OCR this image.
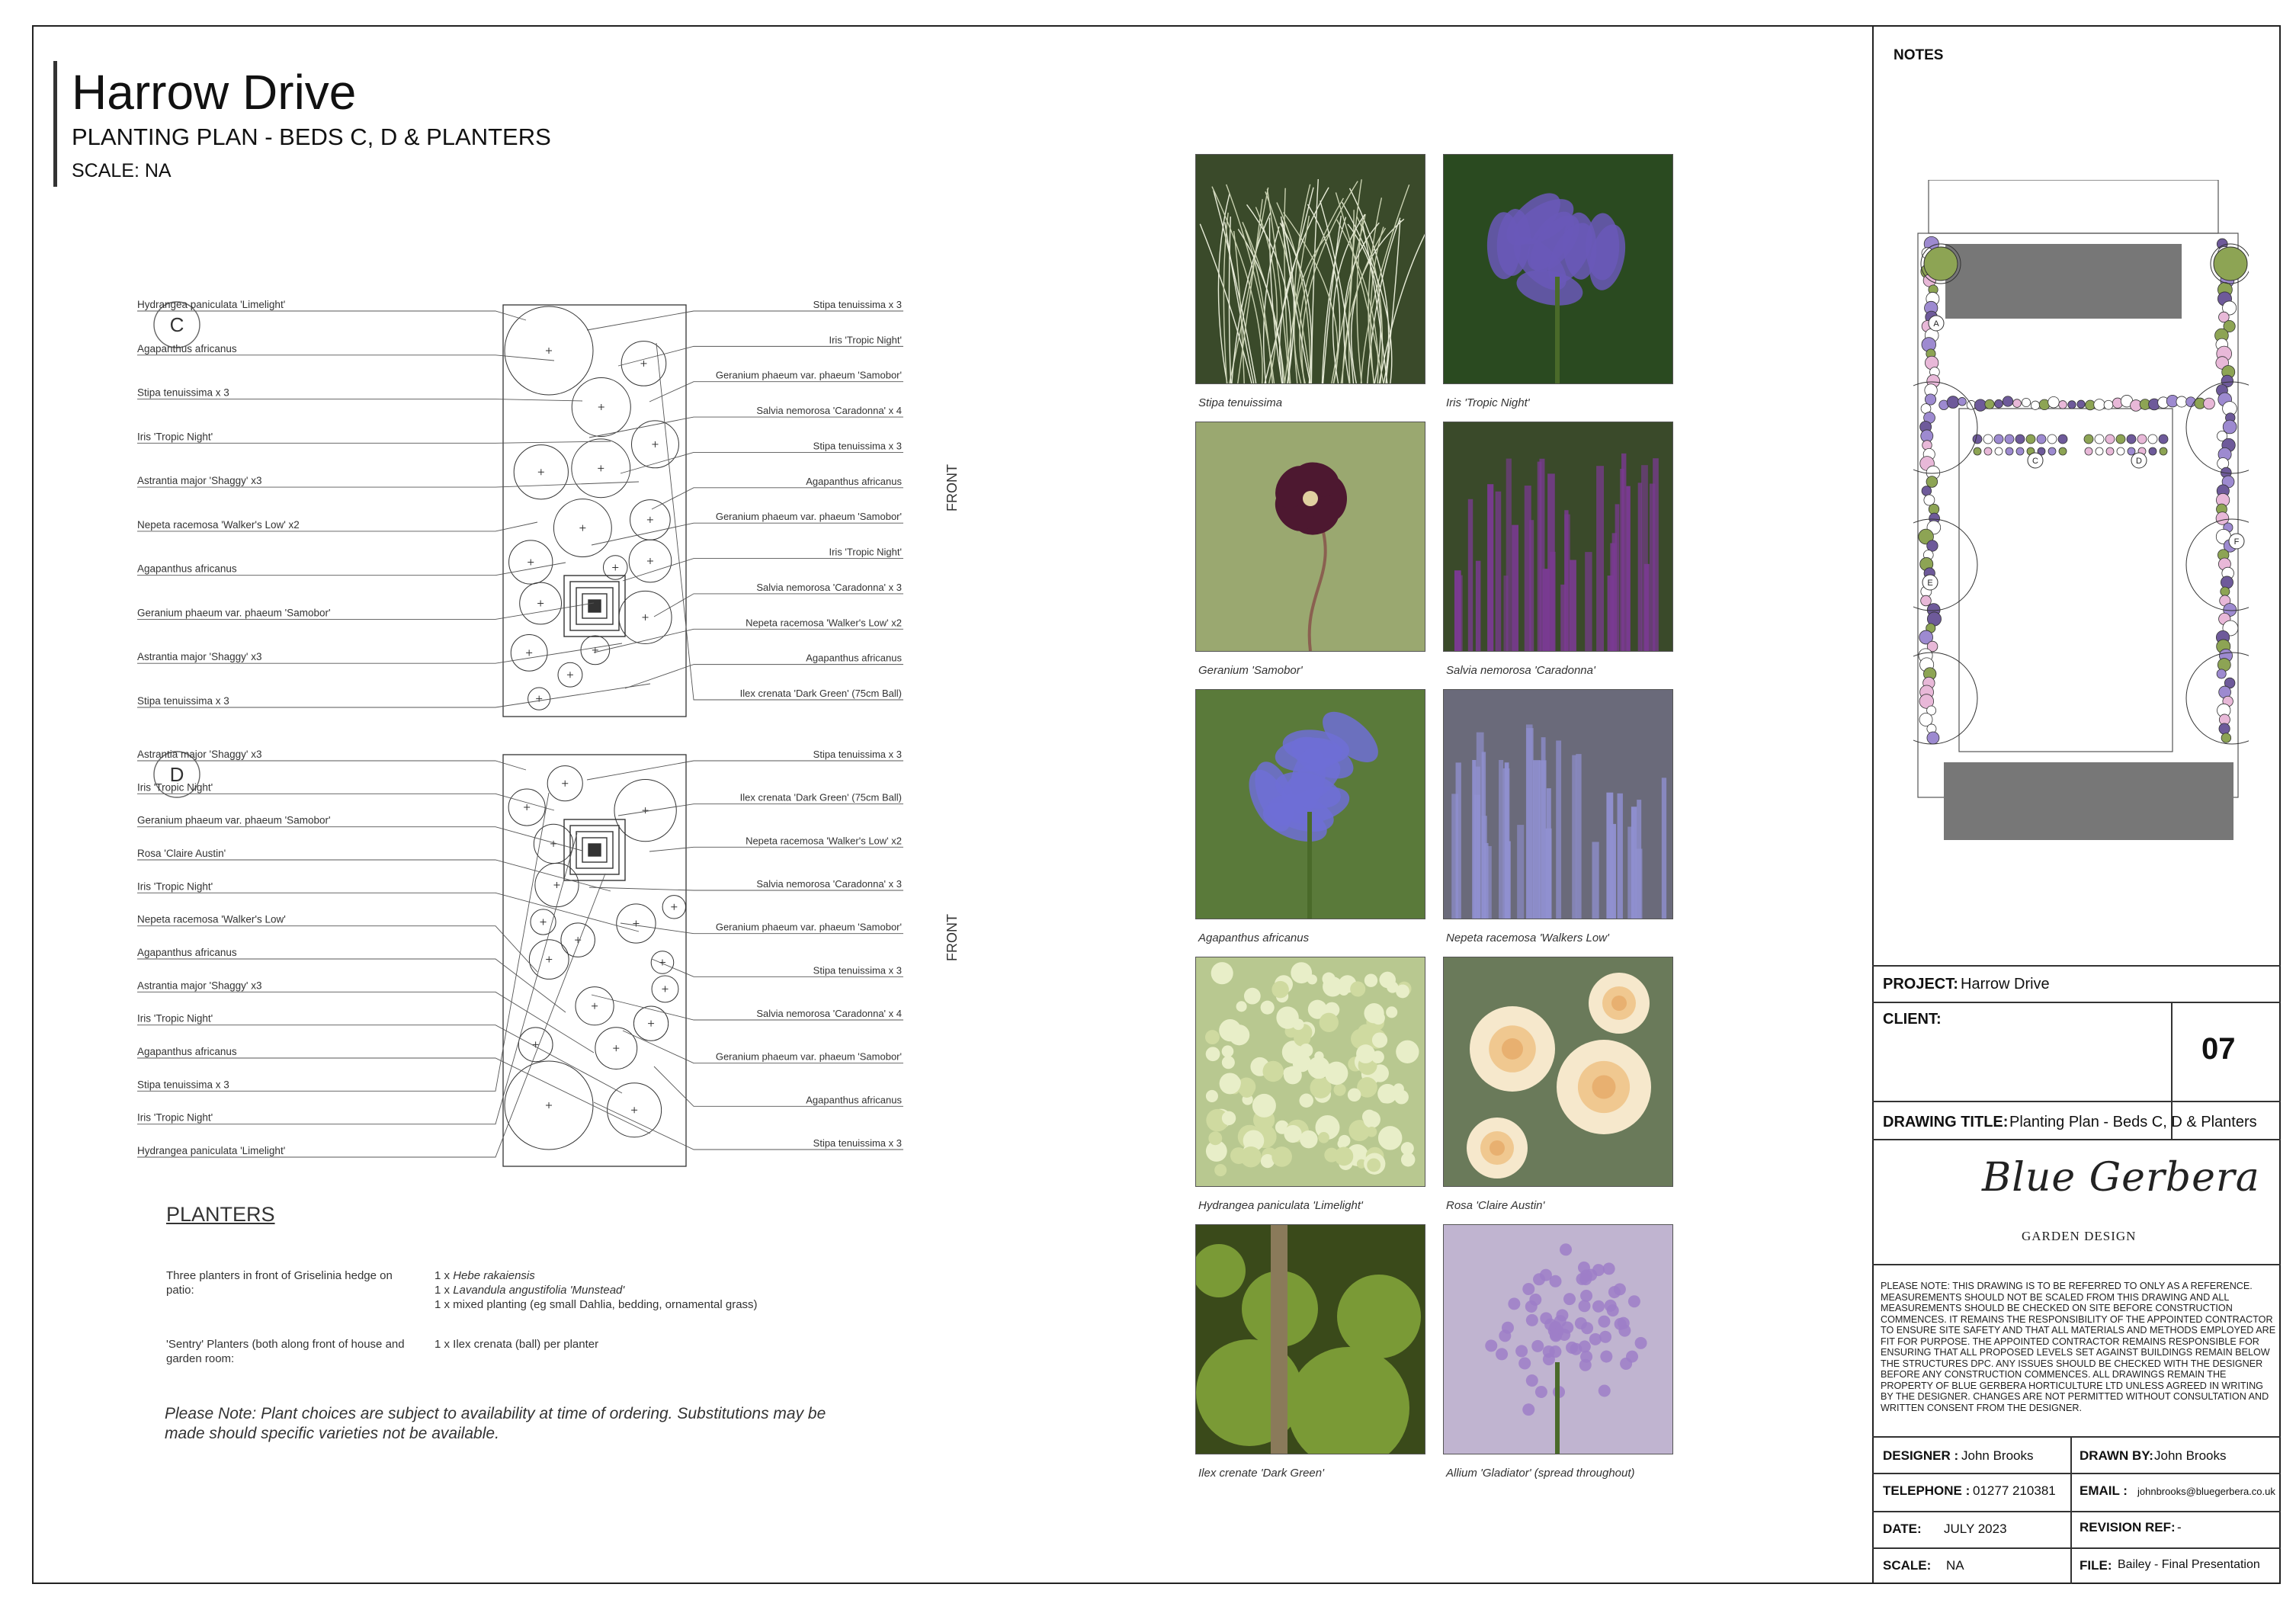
Harrow Drive
PLANTING PLAN - BEDS C, D & PLANTERS
SCALE: NA
C
Hydrangea paniculata 'Limelight'
Agapanthus africanus
Stipa tenuissima x 3
Iris 'Tropic Night'
Astrantia major 'Shaggy' x3
Nepeta racemosa 'Walker's Low' x2
Agapanthus africanus
Geranium phaeum var. phaeum 'Samobor'
Astrantia major 'Shaggy' x3
Stipa tenuissima x 3
Stipa tenuissima x 3
Iris 'Tropic Night'
Geranium phaeum var. phaeum 'Samobor'
Salvia nemorosa 'Caradonna' x 4
Stipa tenuissima x 3
Agapanthus africanus
Geranium phaeum var. phaeum 'Samobor'
Iris 'Tropic Night'
Salvia nemorosa 'Caradonna' x 3
Nepeta racemosa 'Walker's Low' x2
Agapanthus africanus
Ilex crenata 'Dark Green' (75cm Ball)
FRONT
D
Astrantia major 'Shaggy' x3
Iris 'Tropic Night'
Geranium phaeum var. phaeum 'Samobor'
Rosa 'Claire Austin'
Iris 'Tropic Night'
Nepeta racemosa 'Walker's Low'
Agapanthus africanus
Astrantia major 'Shaggy' x3
Iris 'Tropic Night'
Agapanthus africanus
Stipa tenuissima x 3
Iris 'Tropic Night'
Hydrangea paniculata 'Limelight'
Stipa tenuissima x 3
Ilex crenata 'Dark Green' (75cm Ball)
Nepeta racemosa 'Walker's Low' x2
Salvia nemorosa 'Caradonna' x 3
Geranium phaeum var. phaeum 'Samobor'
Stipa tenuissima x 3
Salvia nemorosa 'Caradonna' x 4
Geranium phaeum var. phaeum 'Samobor'
Agapanthus africanus
Stipa tenuissima x 3
FRONT
PLANTERS
Three planters in front of Griselinia hedge on patio:
1 x Hebe rakaiensis
1 x Lavandula angustifolia 'Munstead'
1 x mixed planting (eg small Dahlia, bedding, ornamental grass)
'Sentry' Planters (both along front of house and garden room:
1 x Ilex crenata (ball) per planter
Please Note: Plant choices are subject to availability at time of ordering. Substitutions may be made should specific varieties not be available.
Stipa tenuissima	Iris 'Tropic Night'
Geranium 'Samobor'	Salvia nemorosa 'Caradonna'
Agapanthus africanus	Nepeta racemosa 'Walkers Low'
Hydrangea paniculata 'Limelight'	Rosa 'Claire Austin'
Ilex crenate 'Dark Green'	Allium 'Gladiator' (spread throughout)
NOTES
A
C	D
E
F
PROJECT: Harrow Drive
CLIENT:
07
DRAWING TITLE: Planting Plan - Beds C, D & Planters
Blue Gerbera
GARDEN DESIGN
PLEASE NOTE: THIS DRAWING IS TO BE REFERRED TO ONLY AS A REFERENCE. MEASUREMENTS SHOULD NOT BE SCALED FROM THIS DRAWING AND ALL MEASUREMENTS SHOULD BE CHECKED ON SITE BEFORE CONSTRUCTION COMMENCES. IT REMAINS THE RESPONSIBILITY OF THE APPOINTED CONTRACTOR TO ENSURE SITE SAFETY AND THAT ALL MATERIALS AND METHODS EMPLOYED ARE FIT FOR PURPOSE. THE APPOINTED CONTRACTOR REMAINS RESPONSIBLE FOR ENSURING THAT ALL PROPOSED LEVELS SET AGAINST BUILDINGS REMAIN BELOW THE STRUCTURES DPC. ANY ISSUES SHOULD BE CHECKED WITH THE DESIGNER BEFORE ANY CONSTRUCTION COMMENCES. ALL DRAWINGS REMAIN THE PROPERTY OF BLUE GERBERA HORTICULTURE LTD UNLESS AGREED IN WRITING BY THE DESIGNER. CHANGES ARE NOT PERMITTED WITHOUT CONSULTATION AND WRITTEN CONSENT FROM THE DESIGNER.
DESIGNER : John Brooks	DRAWN BY: John Brooks
TELEPHONE : 01277 210381 EMAIL : johnbrooks@bluegerbera.co.uk
DATE: JULY 2023	REVISION REF: -
SCALE: NA	FILE: Bailey - Final Presentation
